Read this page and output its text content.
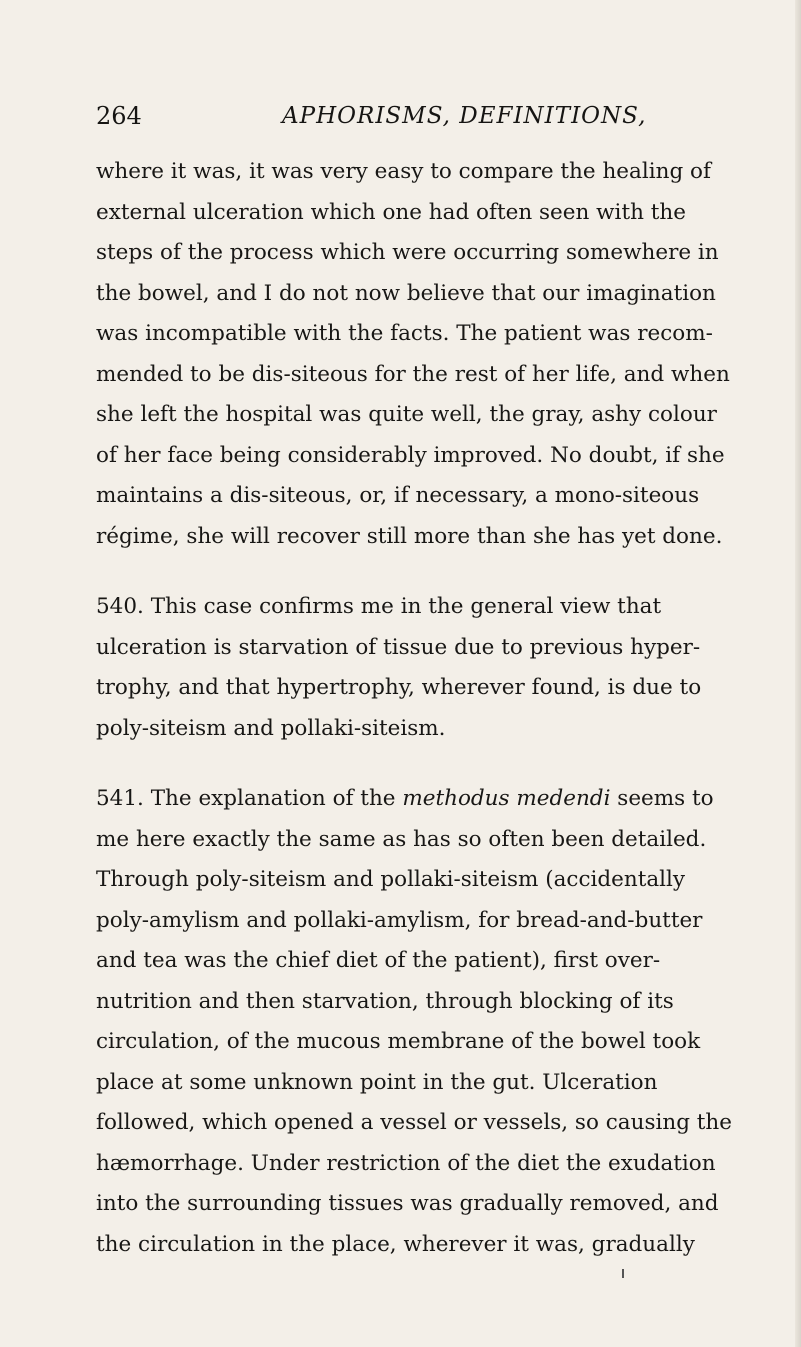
264	APHORISMS, DEFINITIONS,

where it was, it was very easy to compare the healing of
external ulceration which one had often seen with the
steps of the process which were occurring somewhere in
the bowel, and I do not now believe that our imagination
was incompatible with the facts. The patient was recom-
mended to be dis-siteous for the rest of her life, and when
she left the hospital was quite well, the gray, ashy colour
of her face being considerably improved. No doubt, if she
maintains a dis-siteous, or, if necessary, a mono-siteous
régime, she will recover still more than she has yet done.

540. This case confirms me in the general view that
ulceration is starvation of tissue due to previous hyper-
trophy, and that hypertrophy, wherever found, is due to
poly-siteism and pollaki-siteism.

541. The explanation of the methodus medendi seems to
me here exactly the same as has so often been detailed.
Through poly-siteism and pollaki-siteism (accidentally
poly-amylism and pollaki-amylism, for bread-and-butter
and tea was the chief diet of the patient), first over-
nutrition and then starvation, through blocking of its
circulation, of the mucous membrane of the bowel took
place at some unknown point in the gut. Ulceration
followed, which opened a vessel or vessels, so causing the
hæmorrhage. Under restriction of the diet the exudation
into the surrounding tissues was gradually removed, and
the circulation in the place, wherever it was, gradually
